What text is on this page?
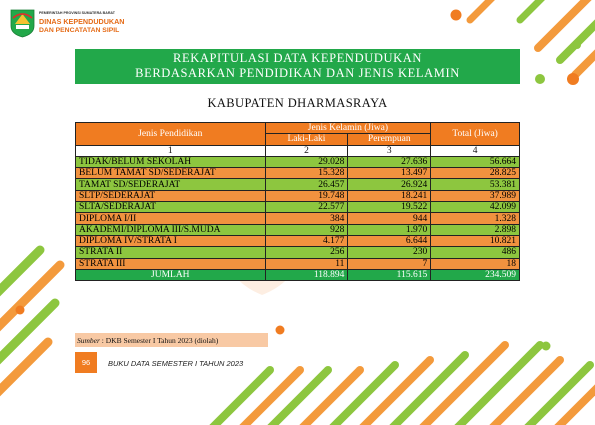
PEMERINTAH PROVINSI SUMATERA BARAT
DINAS KEPENDUDUKAN
DAN PENCATATAN SIPIL
REKAPITULASI DATA KEPENDUDUKAN
BERDASARKAN PENDIDIKAN DAN JENIS KELAMIN
KABUPATEN DHARMASRAYA
Jenis Pendidikan	Jenis Kelamin (Jiwa)		Total (Jiwa)
	Laki-Laki	Perempuan	
1	2	3	4
TIDAK/BELUM SEKOLAH	29.028	27.636	56.664
BELUM TAMAT SD/SEDERAJAT	15.328	13.497	28.825
TAMAT SD/SEDERAJAT	26.457	26.924	53.381
SLTP/SEDERAJAT	19.748	18.241	37.989
SLTA/SEDERAJAT	22.577	19.522	42.099
DIPLOMA I/II	384	944	1.328
AKADEMI/DIPLOMA III/S.MUDA	928	1.970	2.898
DIPLOMA IV/STRATA I	4.177	6.644	10.821
STRATA II	256	230	486
STRATA III	11	7	18
JUMLAH	118.894	115.615	234.509
Sumber : DKB Semester I Tahun 2023 (diolah)
96	BUKU DATA SEMESTER I TAHUN 2023
